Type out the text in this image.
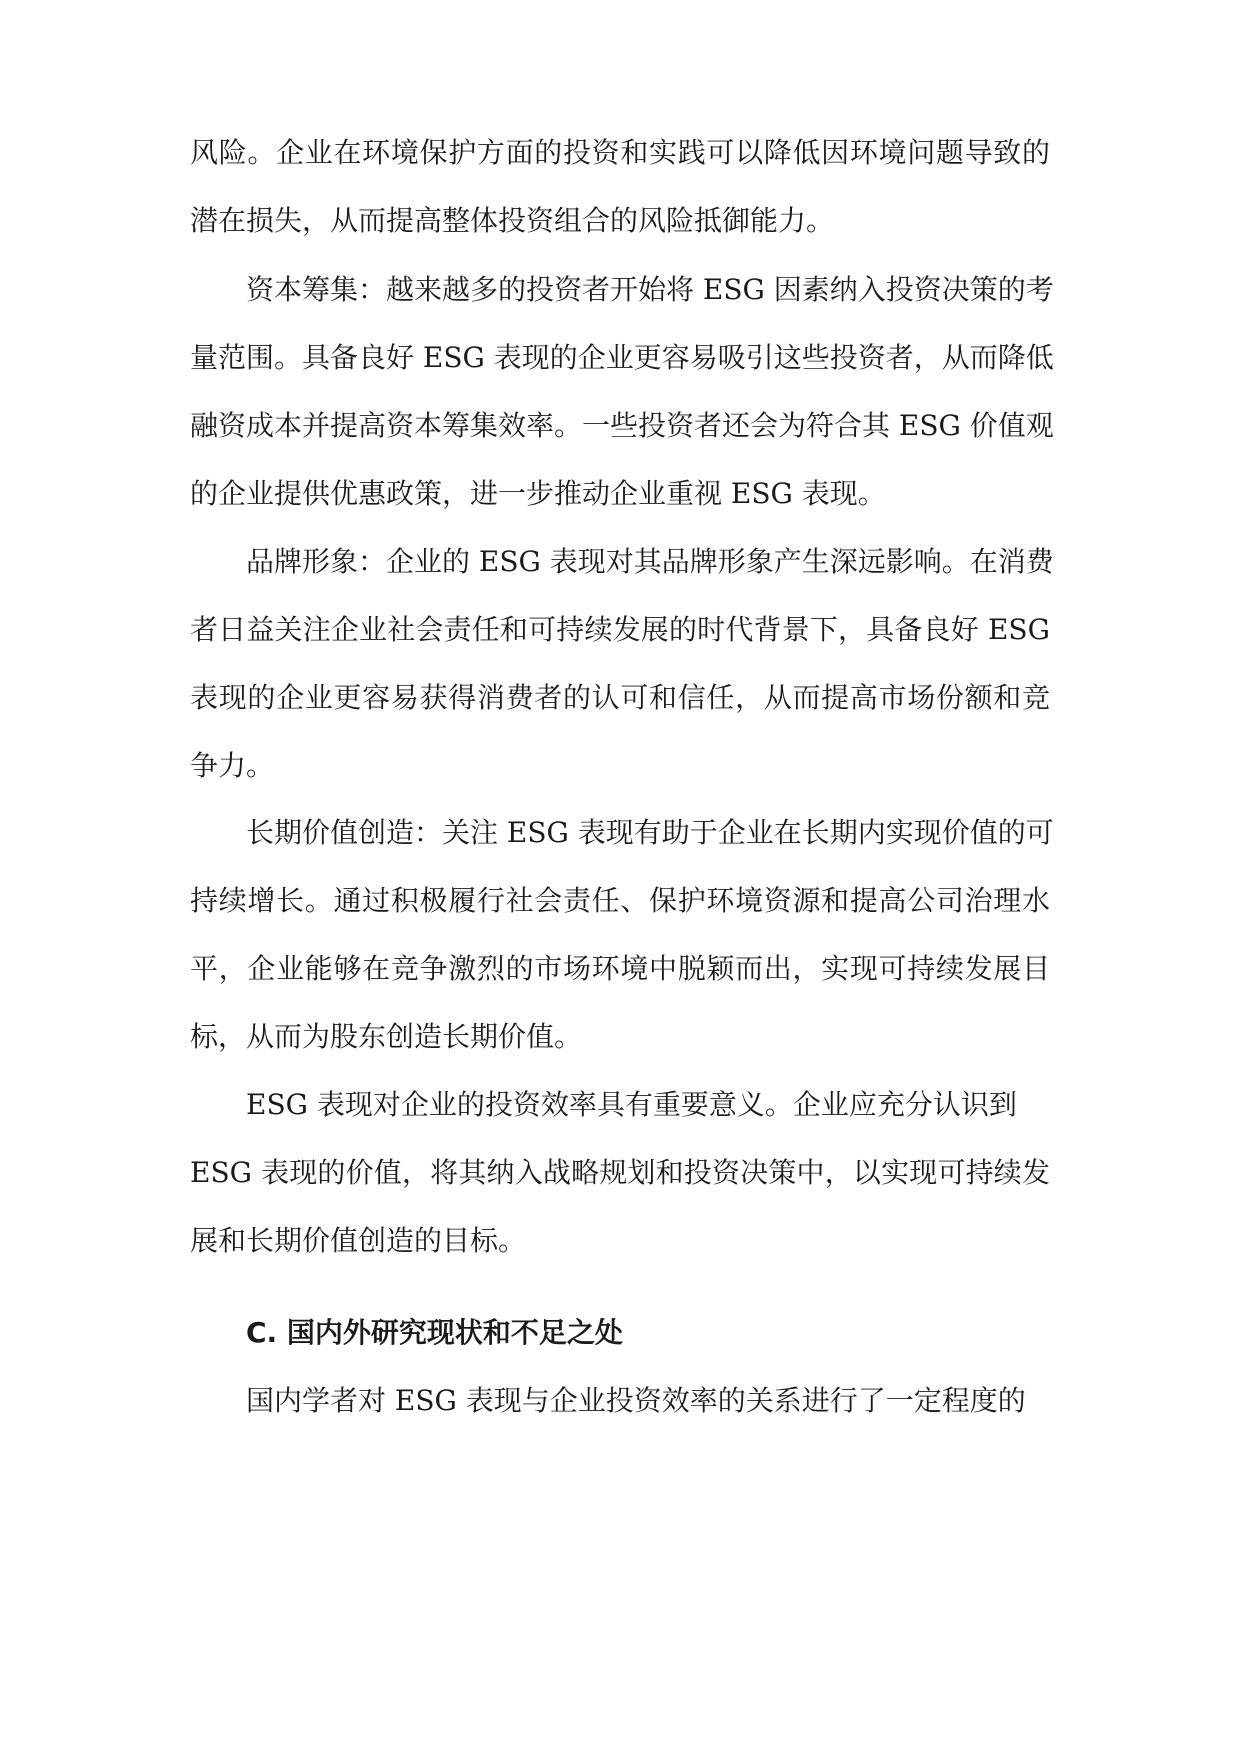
风险。企业在环境保护方面的投资和实践可以降低因环境问题导致的
潜在损失，从而提高整体投资组合的风险抵御能力。
资本筹集：越来越多的投资者开始将 ESG 因素纳入投资决策的考
量范围。具备良好 ESG 表现的企业更容易吸引这些投资者，从而降低
融资成本并提高资本筹集效率。一些投资者还会为符合其 ESG 价值观
的企业提供优惠政策，进一步推动企业重视 ESG 表现。
品牌形象：企业的 ESG 表现对其品牌形象产生深远影响。在消费
者日益关注企业社会责任和可持续发展的时代背景下，具备良好 ESG
表现的企业更容易获得消费者的认可和信任，从而提高市场份额和竞
争力。
长期价值创造：关注 ESG 表现有助于企业在长期内实现价值的可
持续增长。通过积极履行社会责任、保护环境资源和提高公司治理水
平，企业能够在竞争激烈的市场环境中脱颖而出，实现可持续发展目
标，从而为股东创造长期价值。
ESG 表现对企业的投资效率具有重要意义。企业应充分认识到
ESG 表现的价值，将其纳入战略规划和投资决策中，以实现可持续发
展和长期价值创造的目标。
C. 国内外研究现状和不足之处
国内学者对 ESG 表现与企业投资效率的关系进行了一定程度的
